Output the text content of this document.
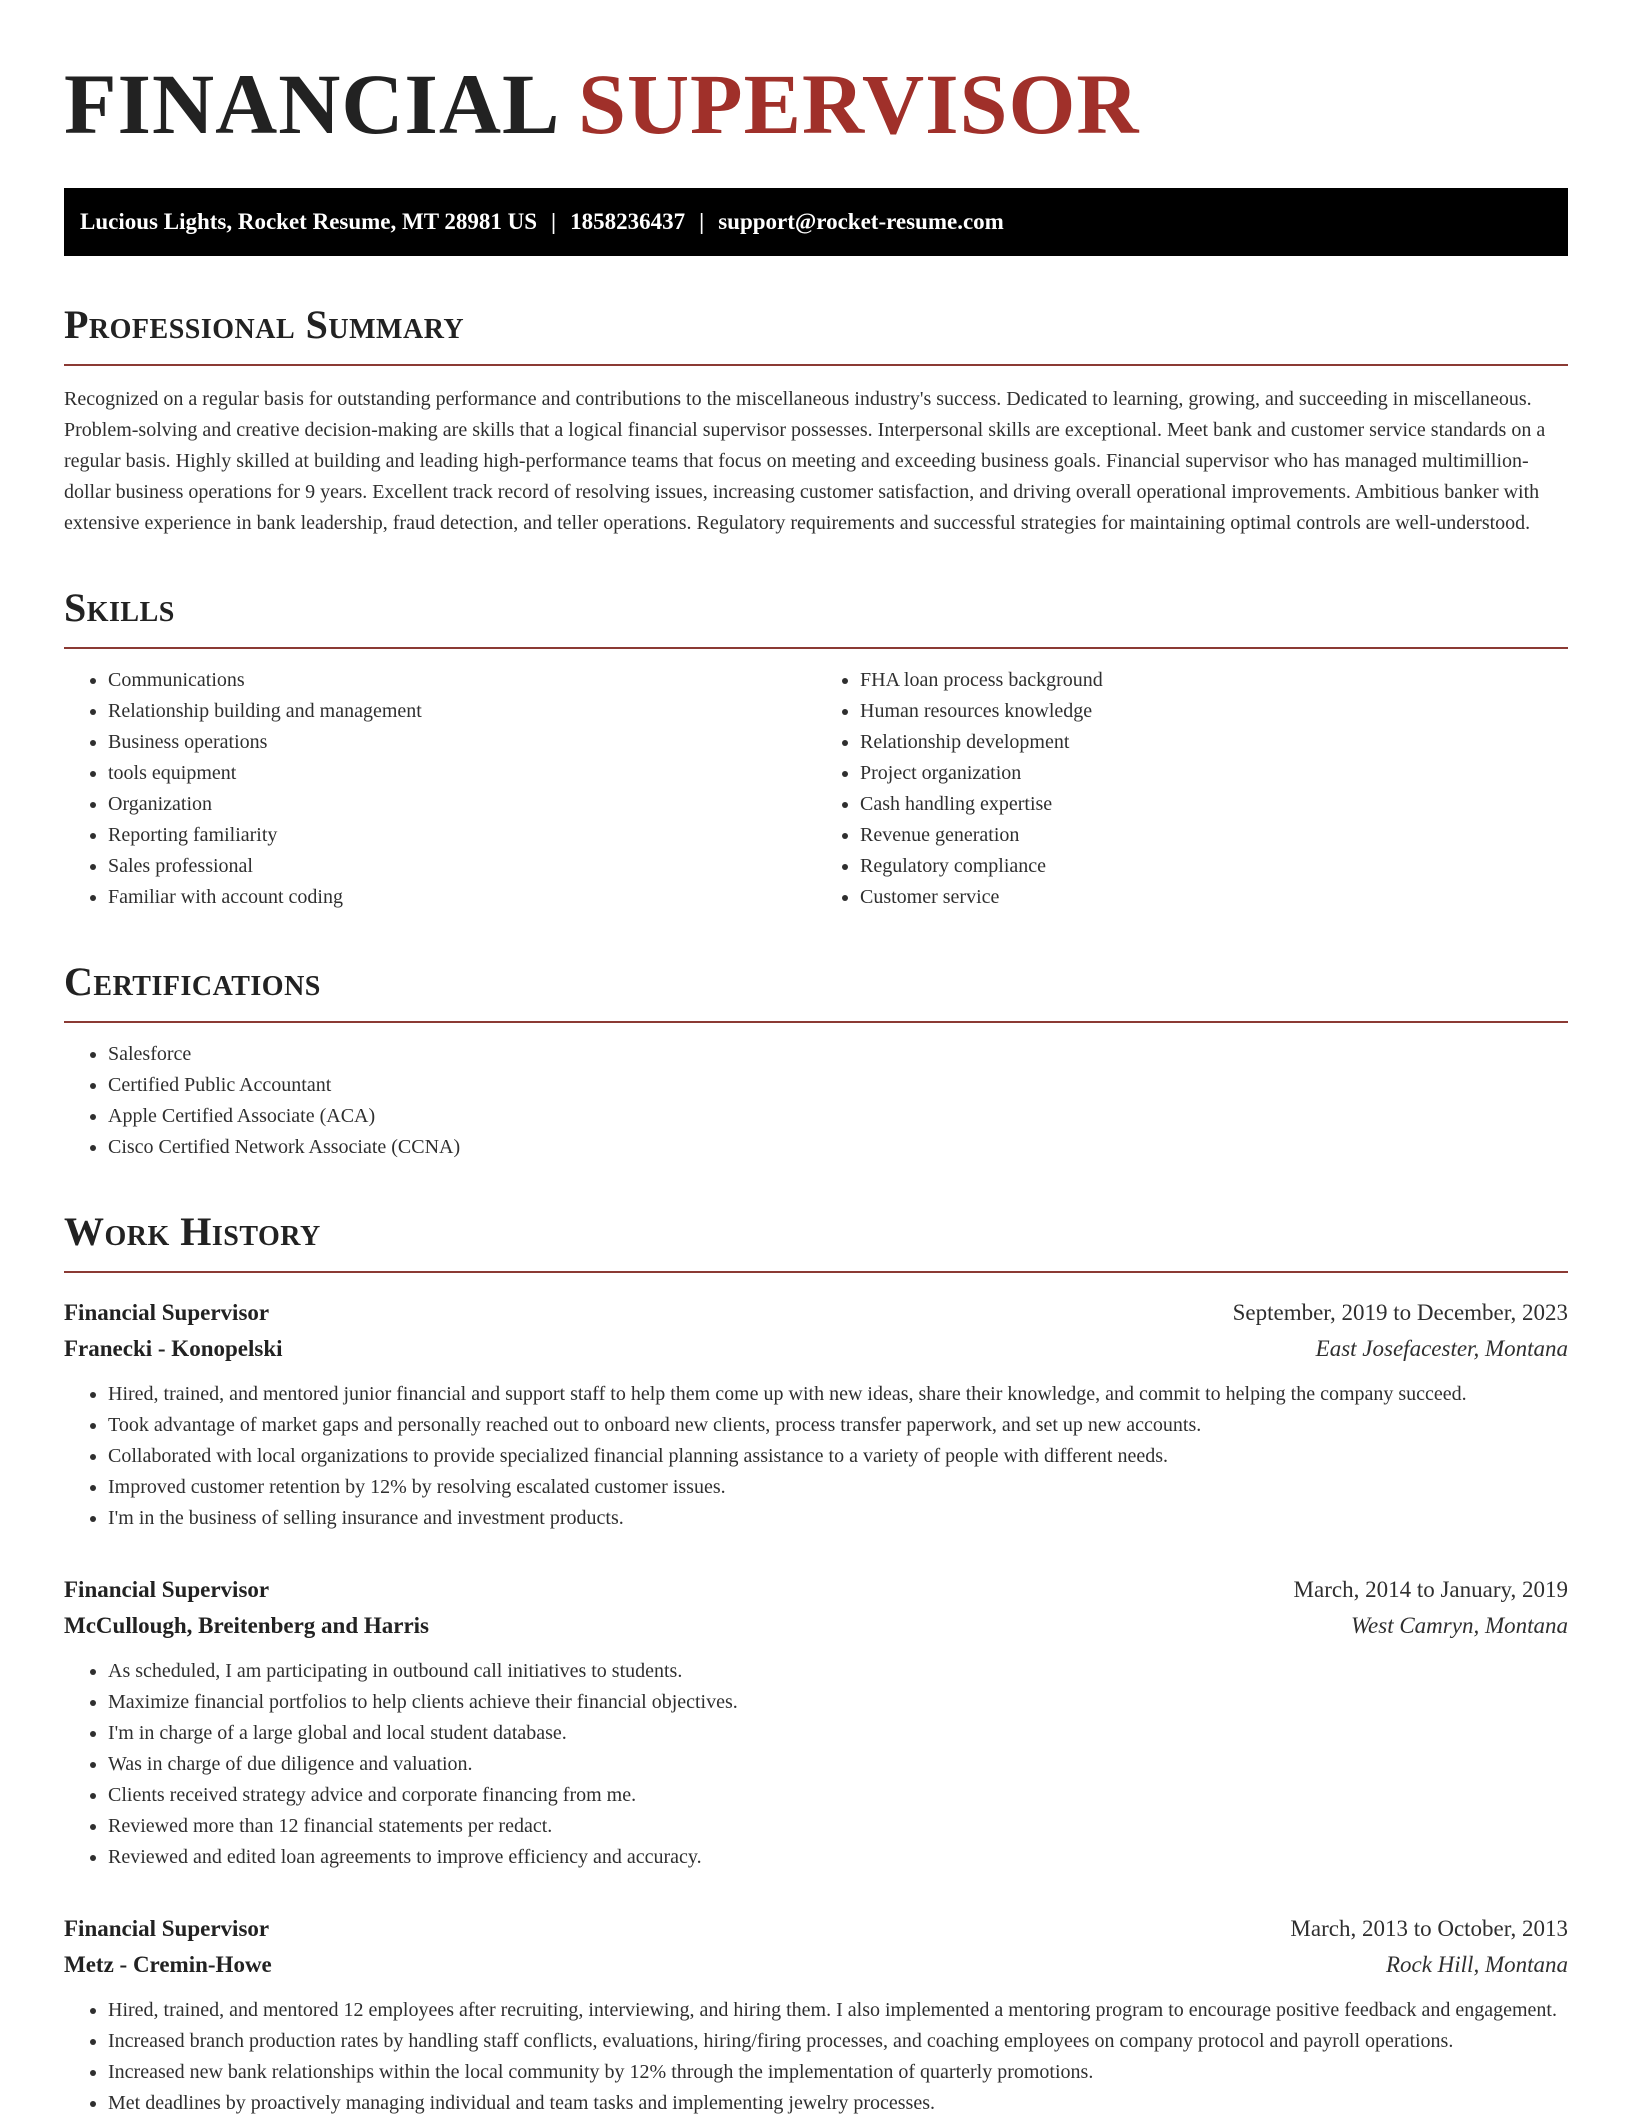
FINANCIAL SUPERVISOR
Lucious Lights, Rocket Resume, MT 28981 US | 1858236437 | support@rocket-resume.com
Professional Summary

Recognized on a regular basis for outstanding performance and contributions to the miscellaneous industry's success. Dedicated to learning, growing, and succeeding in miscellaneous. Problem-solving and creative decision-making are skills that a logical financial supervisor possesses. Interpersonal skills are exceptional. Meet bank and customer service standards on a regular basis. Highly skilled at building and leading high-performance teams that focus on meeting and exceeding business goals. Financial supervisor who has managed multimillion-dollar business operations for 9 years. Excellent track record of resolving issues, increasing customer satisfaction, and driving overall operational improvements. Ambitious banker with extensive experience in bank leadership, fraud detection, and teller operations. Regulatory requirements and successful strategies for maintaining optimal controls are well-understood.

Skills
• Communications
• Relationship building and management
• Business operations
• tools equipment
• Organization
• Reporting familiarity
• Sales professional
• Familiar with account coding
• FHA loan process background
• Human resources knowledge
• Relationship development
• Project organization
• Cash handling expertise
• Revenue generation
• Regulatory compliance
• Customer service
Certifications
• Salesforce
• Certified Public Accountant
• Apple Certified Associate (ACA)
• Cisco Certified Network Associate (CCNA)
Work History
Financial Supervisor	September, 2019 to December, 2023
Franecki - Konopelski	East Josefacester, Montana
• Hired, trained, and mentored junior financial and support staff to help them come up with new ideas, share their knowledge, and commit to helping the company succeed.
• Took advantage of market gaps and personally reached out to onboard new clients, process transfer paperwork, and set up new accounts.
• Collaborated with local organizations to provide specialized financial planning assistance to a variety of people with different needs.
• Improved customer retention by 12% by resolving escalated customer issues.
• I'm in the business of selling insurance and investment products.
Financial Supervisor	March, 2014 to January, 2019
McCullough, Breitenberg and Harris	West Camryn, Montana
• As scheduled, I am participating in outbound call initiatives to students.
• Maximize financial portfolios to help clients achieve their financial objectives.
• I'm in charge of a large global and local student database.
• Was in charge of due diligence and valuation.
• Clients received strategy advice and corporate financing from me.
• Reviewed more than 12 financial statements per redact.
• Reviewed and edited loan agreements to improve efficiency and accuracy.
Financial Supervisor	March, 2013 to October, 2013
Metz - Cremin-Howe	Rock Hill, Montana
• Hired, trained, and mentored 12 employees after recruiting, interviewing, and hiring them. I also implemented a mentoring program to encourage positive feedback and engagement.
• Increased branch production rates by handling staff conflicts, evaluations, hiring/firing processes, and coaching employees on company protocol and payroll operations.
• Increased new bank relationships within the local community by 12% through the implementation of quarterly promotions.
• Met deadlines by proactively managing individual and team tasks and implementing jewelry processes.
